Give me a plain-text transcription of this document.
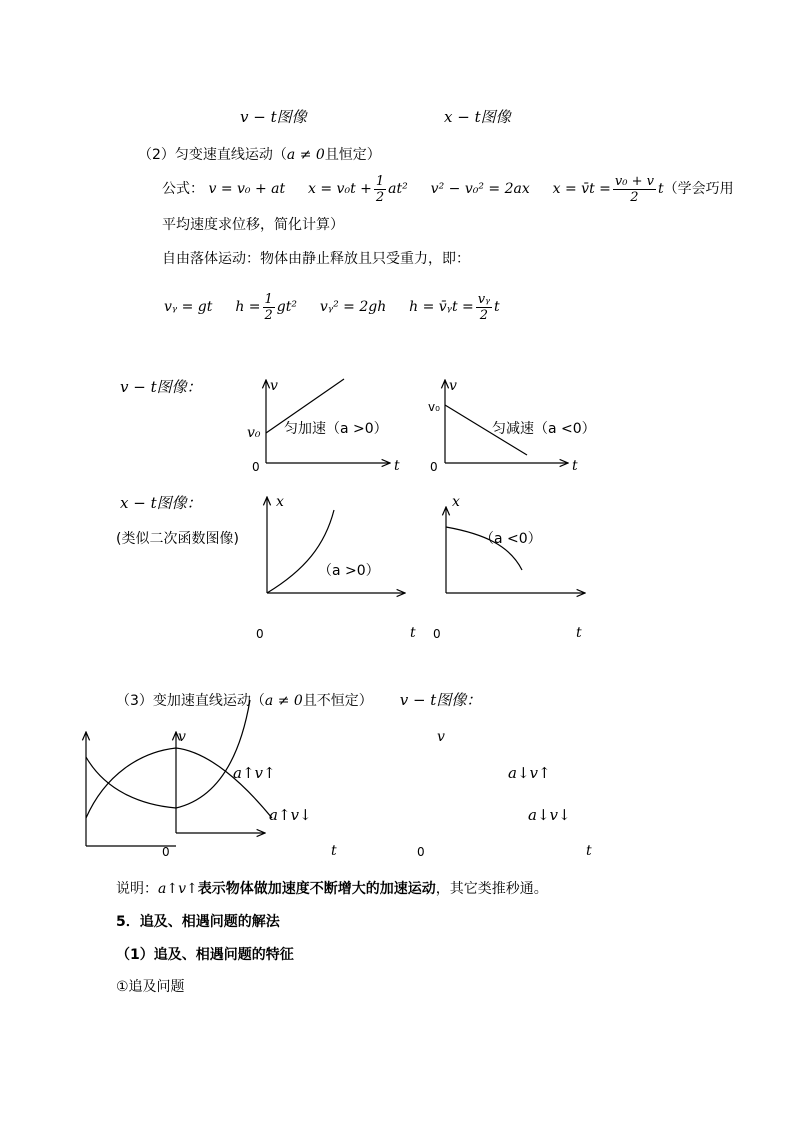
v − t图像	x − t图像
（2）匀变速直线运动（a ≠ 0且恒定）
公式： v = v₀ + at $x = v_0t + \frac{1}{2} at^2$ v² − v₀² = 2ax x = v̄t = $\frac{\text{v₀ + v}}{2} t$（学会巧用
平均速度求位移，简化计算）
自由落体运动：物体由静止释放且只受重力，即：
vᵧ = gt $h = \frac{1}{2} gt^2$ vᵧ² = 2gh h = v̄ᵧt = $\frac{\text{vᵧ}}{2}$ t
v − t图像：	v
v₀ 匀加速（a >0）
0	t
v
v₀
匀减速（a <0）
0	t
x − t图像：
(类似二次函数图像)
x
（a >0）
0	t
x
（a <0）
0	t
（3）变加速直线运动（a ≠ 0且不恒定） v − t图像：
v	v
a↑v↑	a↓v↑
a↑v↓	a↓v↓
0	t	0	t
说明：a↑v↑表示物体做加速度不断增大的加速运动，其它类推秒通。
5．追及、相遇问题的解法
（1）追及、相遇问题的特征
①追及问题
